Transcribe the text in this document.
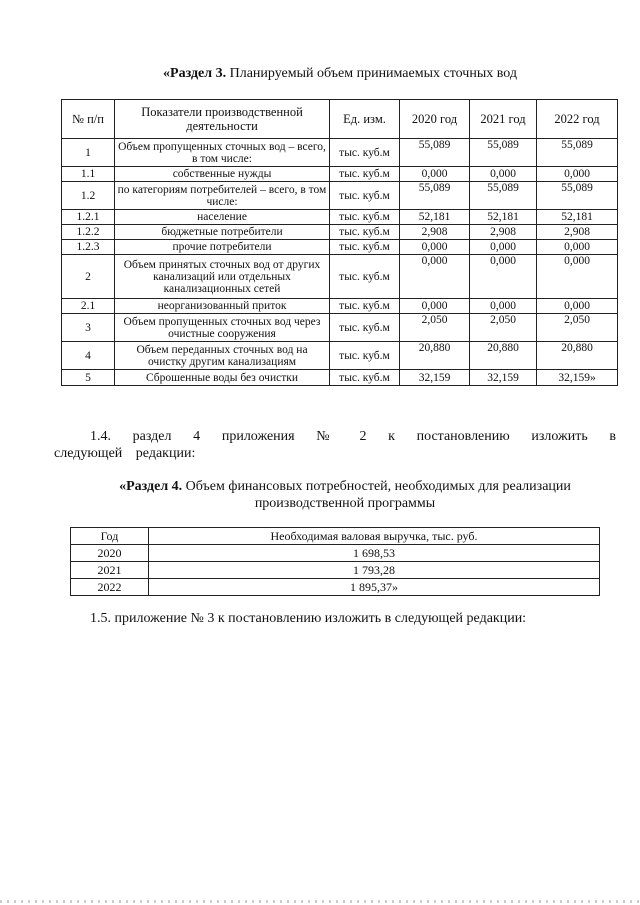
«Раздел 3. Планируемый объем принимаемых сточных вод
№ п/п	Показатели производственной деятельности	Ед. изм.	2020 год	2021 год	2022 год
1	Объем пропущенных сточных вод – всего, в том числе:	тыс. куб.м	55,089	55,089	55,089
1.1	собственные нужды	тыс. куб.м	0,000	0,000	0,000
1.2	по категориям потребителей – всего, в том числе:	тыс. куб.м	55,089	55,089	55,089
1.2.1	население	тыс. куб.м	52,181	52,181	52,181
1.2.2	бюджетные потребители	тыс. куб.м	2,908	2,908	2,908
1.2.3	прочие потребители	тыс. куб.м	0,000	0,000	0,000
2	Объем принятых сточных вод от других канализаций или отдельных канализационных сетей	тыс. куб.м	0,000	0,000	0,000
2.1	неорганизованный приток	тыс. куб.м	0,000	0,000	0,000
3	Объем пропущенных сточных вод через очистные сооружения	тыс. куб.м	2,050	2,050	2,050
4	Объем переданных сточных вод на очистку другим канализациям	тыс. куб.м	20,880	20,880	20,880
5	Сброшенные воды без очистки	тыс. куб.м	32,159	32,159	32,159»
1.4. раздел 4 приложения № 2 к постановлению изложить в следующей редакции:
«Раздел 4. Объем финансовых потребностей, необходимых для реализации производственной программы
Год	Необходимая валовая выручка, тыс. руб.
2020	1 698,53
2021	1 793,28
2022	1 895,37»
1.5. приложение № 3 к постановлению изложить в следующей редакции:
